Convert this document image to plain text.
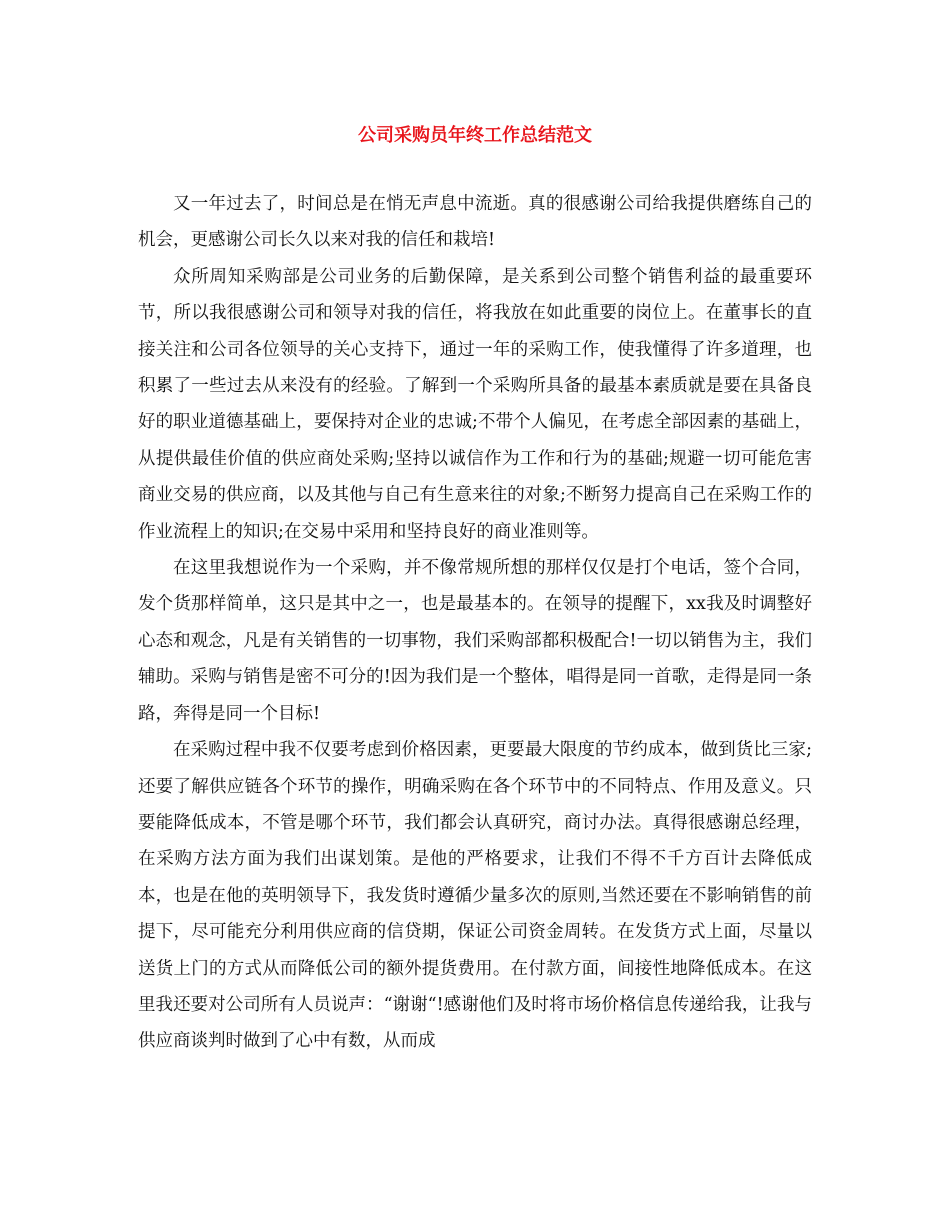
公司采购员年终工作总结范文

又一年过去了，时间总是在悄无声息中流逝。真的很感谢公司给我提供磨练自己的机会，更感谢公司长久以来对我的信任和栽培!

众所周知采购部是公司业务的后勤保障，是关系到公司整个销售利益的最重要环节，所以我很感谢公司和领导对我的信任，将我放在如此重要的岗位上。在董事长的直接关注和公司各位领导的关心支持下，通过一年的采购工作，使我懂得了许多道理，也积累了一些过去从来没有的经验。了解到一个采购所具备的最基本素质就是要在具备良好的职业道德基础上，要保持对企业的忠诚;不带个人偏见，在考虑全部因素的基础上，从提供最佳价值的供应商处采购;坚持以诚信作为工作和行为的基础;规避一切可能危害商业交易的供应商，以及其他与自己有生意来往的对象;不断努力提高自己在采购工作的作业流程上的知识;在交易中采用和坚持良好的商业准则等。

在这里我想说作为一个采购，并不像常规所想的那样仅仅是打个电话，签个合同，发个货那样简单，这只是其中之一，也是最基本的。在领导的提醒下，xx我及时调整好心态和观念，凡是有关销售的一切事物，我们采购部都积极配合!一切以销售为主，我们辅助。采购与销售是密不可分的!因为我们是一个整体，唱得是同一首歌，走得是同一条路，奔得是同一个目标!

在采购过程中我不仅要考虑到价格因素，更要最大限度的节约成本，做到货比三家;还要了解供应链各个环节的操作，明确采购在各个环节中的不同特点、作用及意义。只要能降低成本，不管是哪个环节，我们都会认真研究，商讨办法。真得很感谢总经理，在采购方法方面为我们出谋划策。是他的严格要求，让我们不得不千方百计去降低成本，也是在他的英明领导下，我发货时遵循少量多次的原则,当然还要在不影响销售的前提下，尽可能充分利用供应商的信贷期，保证公司资金周转。在发货方式上面，尽量以送货上门的方式从而降低公司的额外提货费用。在付款方面，间接性地降低成本。在这里我还要对公司所有人员说声：“谢谢“!感谢他们及时将市场价格信息传递给我，让我与供应商谈判时做到了心中有数，从而成
